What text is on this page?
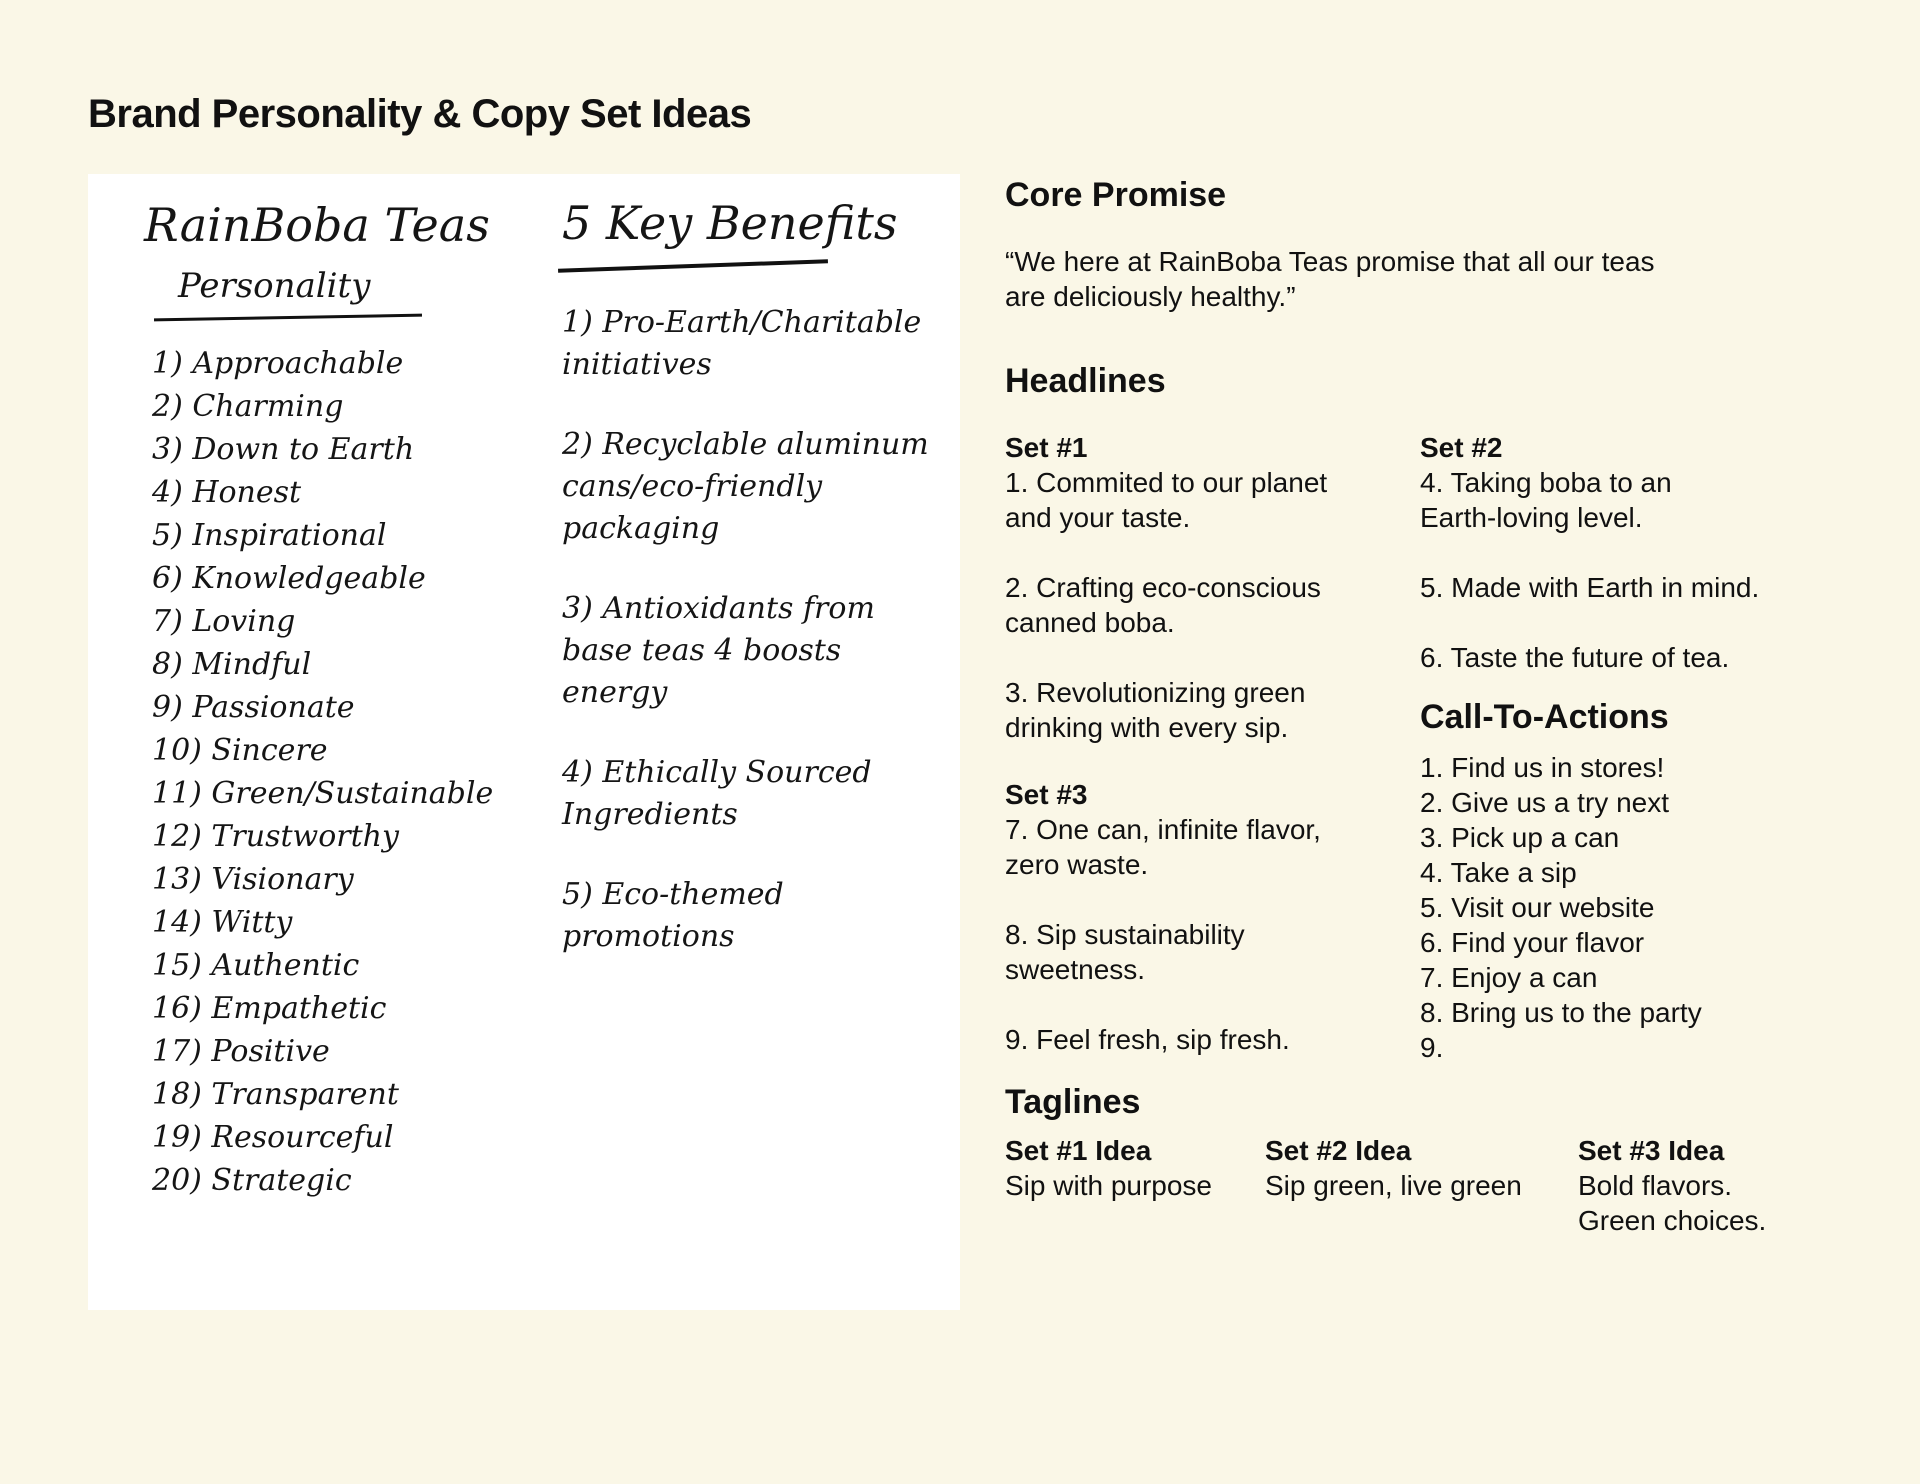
Brand Personality & Copy Set Ideas
RainBoba Teas
Personality
1) Approachable
2) Charming
3) Down to Earth
4) Honest
5) Inspirational
6) Knowledgeable
7) Loving
8) Mindful
9) Passionate
10) Sincere
11) Green/Sustainable
12) Trustworthy
13) Visionary
14) Witty
15) Authentic
16) Empathetic
17) Positive
18) Transparent
19) Resourceful
20) Strategic
5 Key Benefits
1) Pro-Earth/Charitable initiatives
2) Recyclable aluminum cans/eco-friendly packaging
3) Antioxidants from base teas 4 boosts energy
4) Ethically Sourced Ingredients
5) Eco-themed promotions
Core Promise
“We here at RainBoba Teas promise that all our teas
are deliciously healthy.”
Headlines
Set #1
1. Commited to our planet
and your taste.
2. Crafting eco-conscious
canned boba.
3. Revolutionizing green
drinking with every sip.
Set #3
7. One can, infinite flavor,
zero waste.
8. Sip sustainability
sweetness.
9. Feel fresh, sip fresh.
Set #2
4. Taking boba to an
Earth-loving level.
5. Made with Earth in mind.
6. Taste the future of tea.
Call-To-Actions
1. Find us in stores!
2. Give us a try next
3. Pick up a can
4. Take a sip
5. Visit our website
6. Find your flavor
7. Enjoy a can
8. Bring us to the party
9.
Taglines
Set #1 Idea
Sip with purpose
Set #2 Idea
Sip green, live green
Set #3 Idea
Bold flavors.
Green choices.
